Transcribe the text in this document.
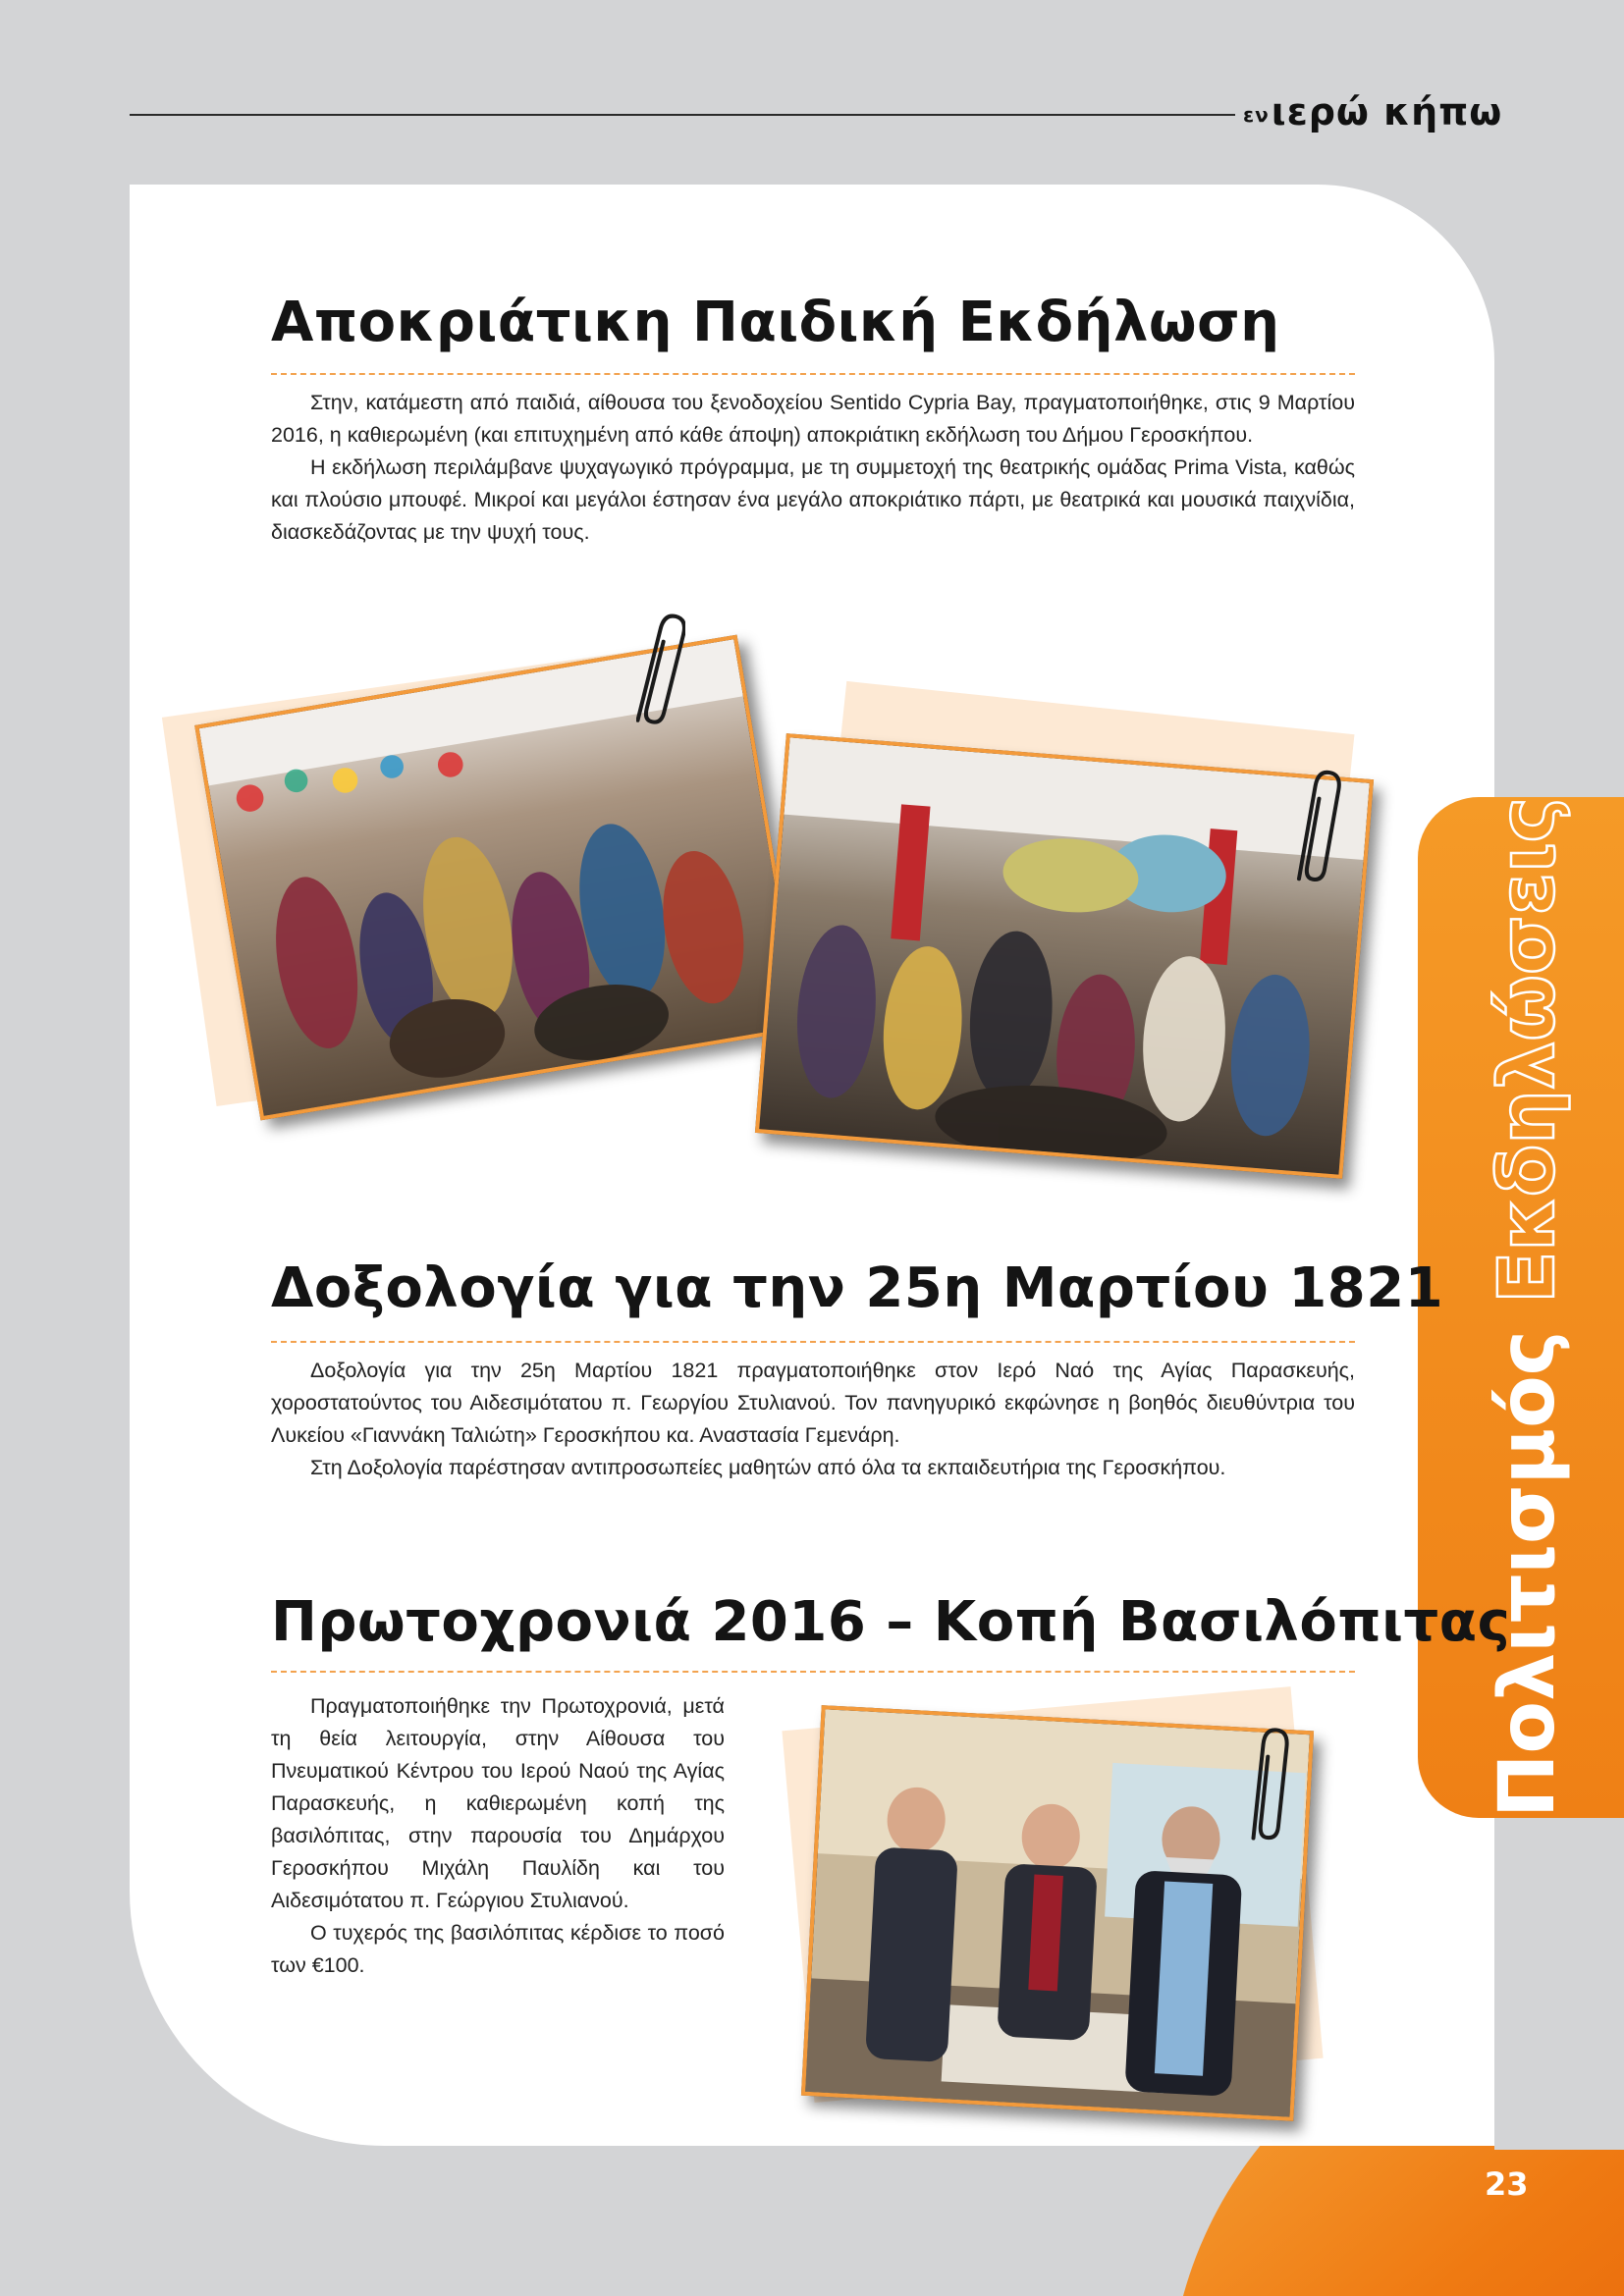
ενιερώ κήπω
Πολιτισμός Εκδηλώσεις
23
Αποκριάτικη Παιδική Εκδήλωση

Στην, κατάμεστη από παιδιά, αίθουσα του ξενοδοχείου Sentido Cypria Bay, πραγματοποιήθηκε, στις 9 Μαρτίου 2016, η καθιερωμένη (και επιτυχημένη από κάθε άποψη) αποκριάτικη εκδήλωση του Δήμου Γεροσκήπου.

Η εκδήλωση περιλάμβανε ψυχαγωγικό πρόγραμμα, με τη συμμετοχή της θεατρικής ομάδας Prima Vista, καθώς και πλούσιο μπουφέ. Μικροί και μεγάλοι έστησαν ένα μεγάλο αποκριάτικο πάρτι, με θεατρικά και μουσικά παιχνίδια, διασκεδάζοντας με την ψυχή τους.

Δοξολογία για την 25η Μαρτίου 1821

Δοξολογία για την 25η Μαρτίου 1821 πραγματοποιήθηκε στον Ιερό Ναό της Αγίας Παρασκευής, χοροστατούντος του Αιδεσιμότατου π. Γεωργίου Στυλιανού. Τον πανηγυρικό εκφώνησε η βοηθός διευθύντρια του Λυκείου «Γιαννάκη Ταλιώτη» Γεροσκήπου κα. Αναστασία Γεμενάρη.

Στη Δοξολογία παρέστησαν αντιπροσωπείες μαθητών από όλα τα εκπαιδευτήρια της Γεροσκήπου.

Πρωτοχρονιά 2016 – Κοπή Βασιλόπιτας

Πραγματοποιήθηκε την Πρωτοχρονιά, μετά τη θεία λειτουργία, στην Αίθουσα του Πνευματικού Κέντρου του Ιερού Ναού της Αγίας Παρασκευής, η καθιερωμένη κοπή της βασιλόπιτας, στην παρουσία του Δημάρχου Γεροσκήπου Μιχάλη Παυλίδη και του Αιδεσιμότατου π. Γεώργιου Στυλιανού.

Ο τυχερός της βασιλόπιτας κέρδισε το ποσό των €100.
